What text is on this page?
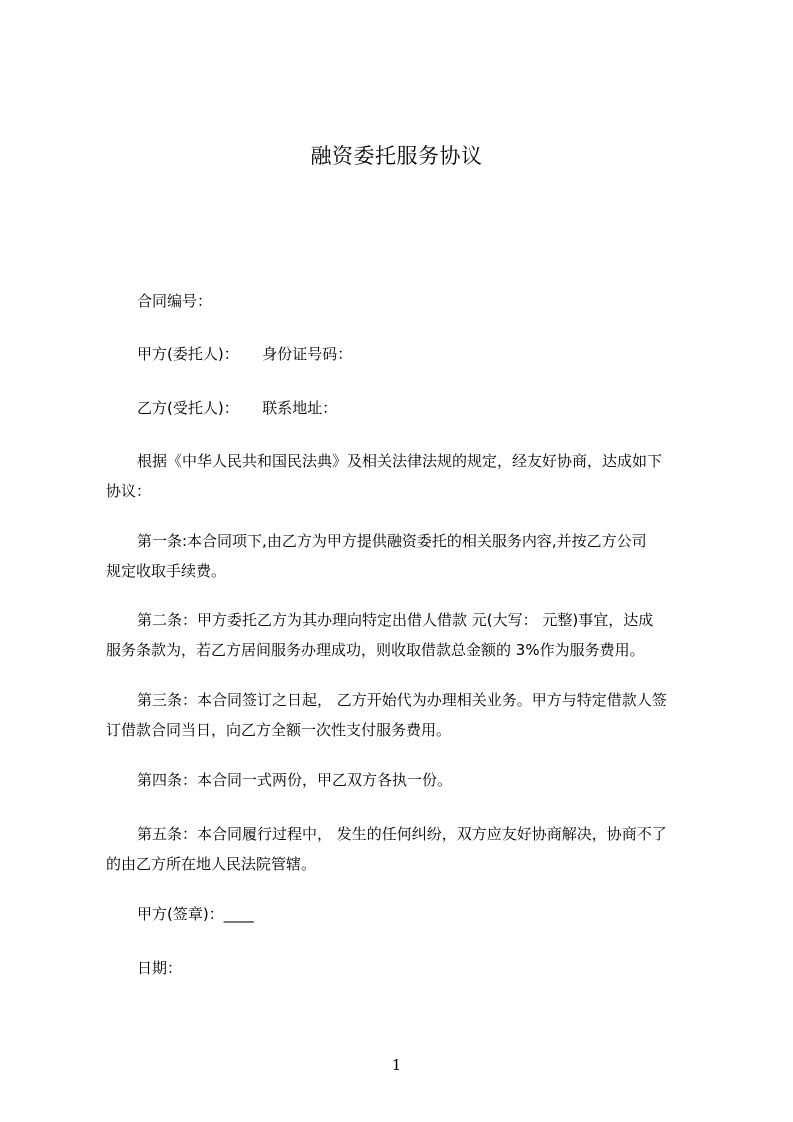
融资委托服务协议
合同编号：
甲方(委托人)： 身份证号码：
乙方(受托人)： 联系地址：
根据《中华人民共和国民法典》及相关法律法规的规定，经友好协商，达成如下
协议：
第一条:本合同项下,由乙方为甲方提供融资委托的相关服务内容,并按乙方公司
规定收取手续费。
第二条：甲方委托乙方为其办理向特定出借人借款 元(大写： 元整)事宜，达成
服务条款为，若乙方居间服务办理成功，则收取借款总金额的 3%作为服务费用。
第三条：本合同签订之日起， 乙方开始代为办理相关业务。甲方与特定借款人签
订借款合同当日，向乙方全额一次性支付服务费用。
第四条：本合同一式两份，甲乙双方各执一份。
第五条：本合同履行过程中， 发生的任何纠纷，双方应友好协商解决，协商不了
的由乙方所在地人民法院管辖。
甲方(签章)：____
日期：
1
